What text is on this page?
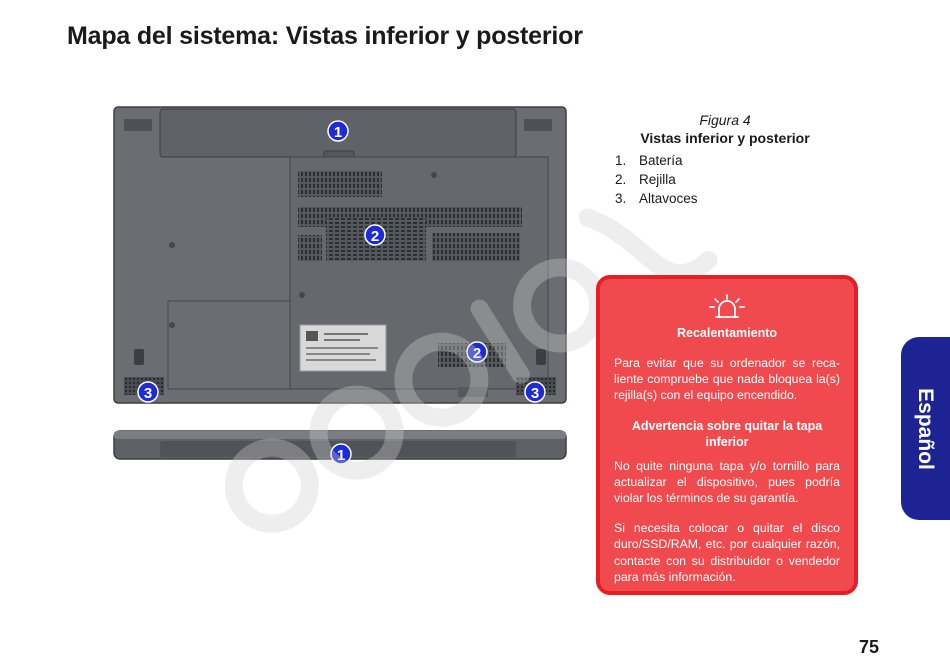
Mapa del sistema: Vistas inferior y posterior
1
2
2
3	3
1
Figura 4
Vistas inferior y posterior
1. Batería
2. Rejilla
3. Altavoces
Recalentamiento

Para evitar que su ordenador se reca-liente compruebe que nada bloquea la(s) rejilla(s) con el equipo encendido.

Advertencia sobre quitar la tapa inferior

No quite ninguna tapa y/o tornillo para actualizar el dispositivo, pues podría violar los términos de su garantía.

Si necesita colocar o quitar el disco duro/SSD/RAM, etc. por cualquier razón, contacte con su distribuidor o vendedor para más información.

Español
75
